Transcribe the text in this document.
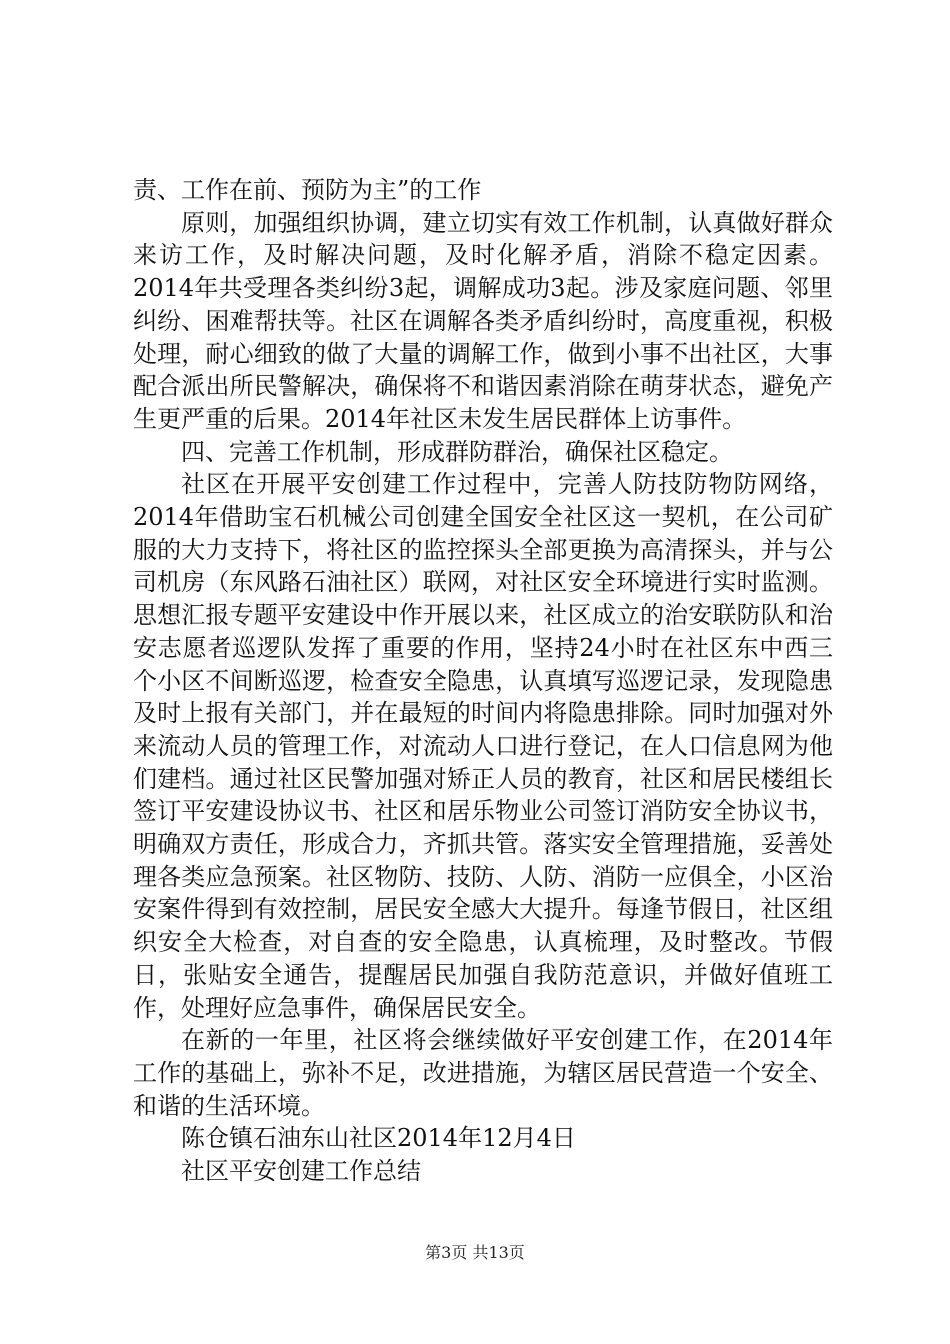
责、工作在前、预防为主”的工作

原则，加强组织协调，建立切实有效工作机制，认真做好群众来访工作，及时解决问题，及时化解矛盾，消除不稳定因素。2014年共受理各类纠纷3起，调解成功3起。涉及家庭问题、邻里纠纷、困难帮扶等。社区在调解各类矛盾纠纷时，高度重视，积极处理，耐心细致的做了大量的调解工作，做到小事不出社区，大事配合派出所民警解决，确保将不和谐因素消除在萌芽状态，避免产生更严重的后果。2014年社区未发生居民群体上访事件。

四、完善工作机制，形成群防群治，确保社区稳定。

社区在开展平安创建工作过程中，完善人防技防物防网络，2014年借助宝石机械公司创建全国安全社区这一契机，在公司矿服的大力支持下，将社区的监控探头全部更换为高清探头，并与公司机房（东风路石油社区）联网，对社区安全环境进行实时监测。思想汇报专题平安建设中作开展以来，社区成立的治安联防队和治安志愿者巡逻队发挥了重要的作用，坚持24小时在社区东中西三个小区不间断巡逻，检查安全隐患，认真填写巡逻记录，发现隐患及时上报有关部门，并在最短的时间内将隐患排除。同时加强对外来流动人员的管理工作，对流动人口进行登记，在人口信息网为他们建档。通过社区民警加强对矫正人员的教育，社区和居民楼组长签订平安建设协议书、社区和居乐物业公司签订消防安全协议书，明确双方责任，形成合力，齐抓共管。落实安全管理措施，妥善处理各类应急预案。社区物防、技防、人防、消防一应俱全，小区治安案件得到有效控制，居民安全感大大提升。每逢节假日，社区组织安全大检查，对自查的安全隐患，认真梳理，及时整改。节假日，张贴安全通告，提醒居民加强自我防范意识，并做好值班工作，处理好应急事件，确保居民安全。

在新的一年里，社区将会继续做好平安创建工作，在2014年工作的基础上，弥补不足，改进措施，为辖区居民营造一个安全、和谐的生活环境。

陈仓镇石油东山社区2014年12月4日

社区平安创建工作总结

第3页 共13页
